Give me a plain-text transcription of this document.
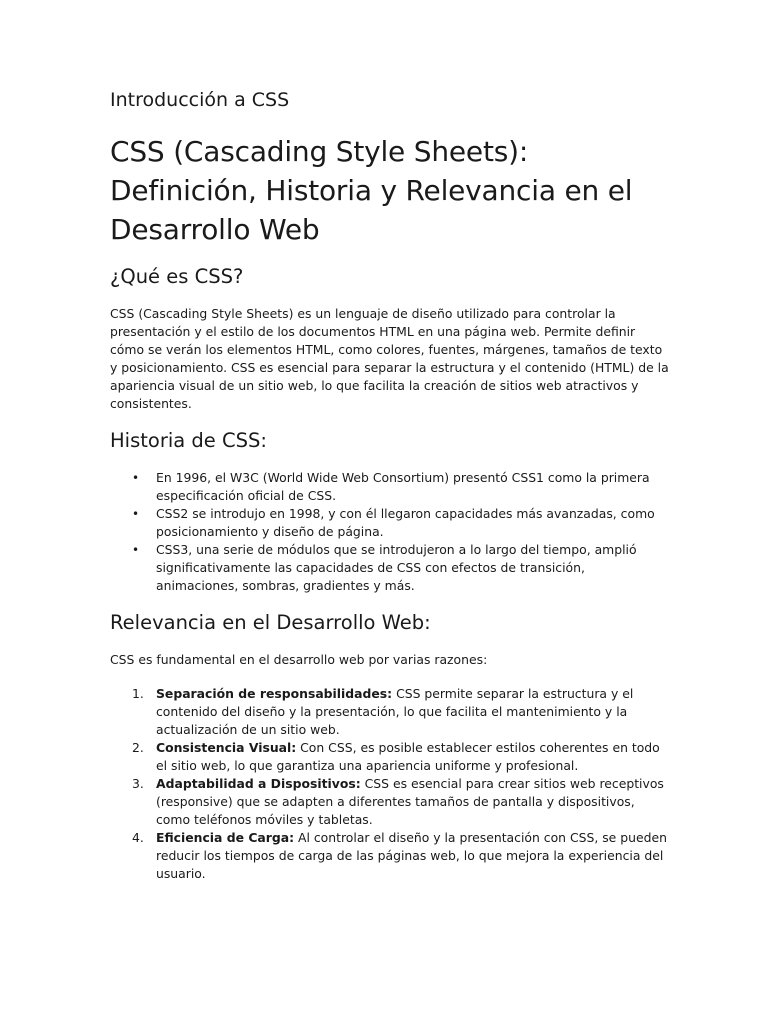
Introducción a CSS
CSS (Cascading Style Sheets): Definición, Historia y Relevancia en el Desarrollo Web
¿Qué es CSS?

CSS (Cascading Style Sheets) es un lenguaje de diseño utilizado para controlar la presentación y el estilo de los documentos HTML en una página web. Permite definir cómo se verán los elementos HTML, como colores, fuentes, márgenes, tamaños de texto y posicionamiento. CSS es esencial para separar la estructura y el contenido (HTML) de la apariencia visual de un sitio web, lo que facilita la creación de sitios web atractivos y consistentes.

Historia de CSS:
• En 1996, el W3C (World Wide Web Consortium) presentó CSS1 como la primera especificación oficial de CSS.
• CSS2 se introdujo en 1998, y con él llegaron capacidades más avanzadas, como posicionamiento y diseño de página.
• CSS3, una serie de módulos que se introdujeron a lo largo del tiempo, amplió significativamente las capacidades de CSS con efectos de transición, animaciones, sombras, gradientes y más.
Relevancia en el Desarrollo Web:

CSS es fundamental en el desarrollo web por varias razones:

1. Separación de responsabilidades: CSS permite separar la estructura y el contenido del diseño y la presentación, lo que facilita el mantenimiento y la actualización de un sitio web.
2. Consistencia Visual: Con CSS, es posible establecer estilos coherentes en todo el sitio web, lo que garantiza una apariencia uniforme y profesional.
3. Adaptabilidad a Dispositivos: CSS es esencial para crear sitios web receptivos (responsive) que se adapten a diferentes tamaños de pantalla y dispositivos, como teléfonos móviles y tabletas.
4. Eficiencia de Carga: Al controlar el diseño y la presentación con CSS, se pueden reducir los tiempos de carga de las páginas web, lo que mejora la experiencia del usuario.
